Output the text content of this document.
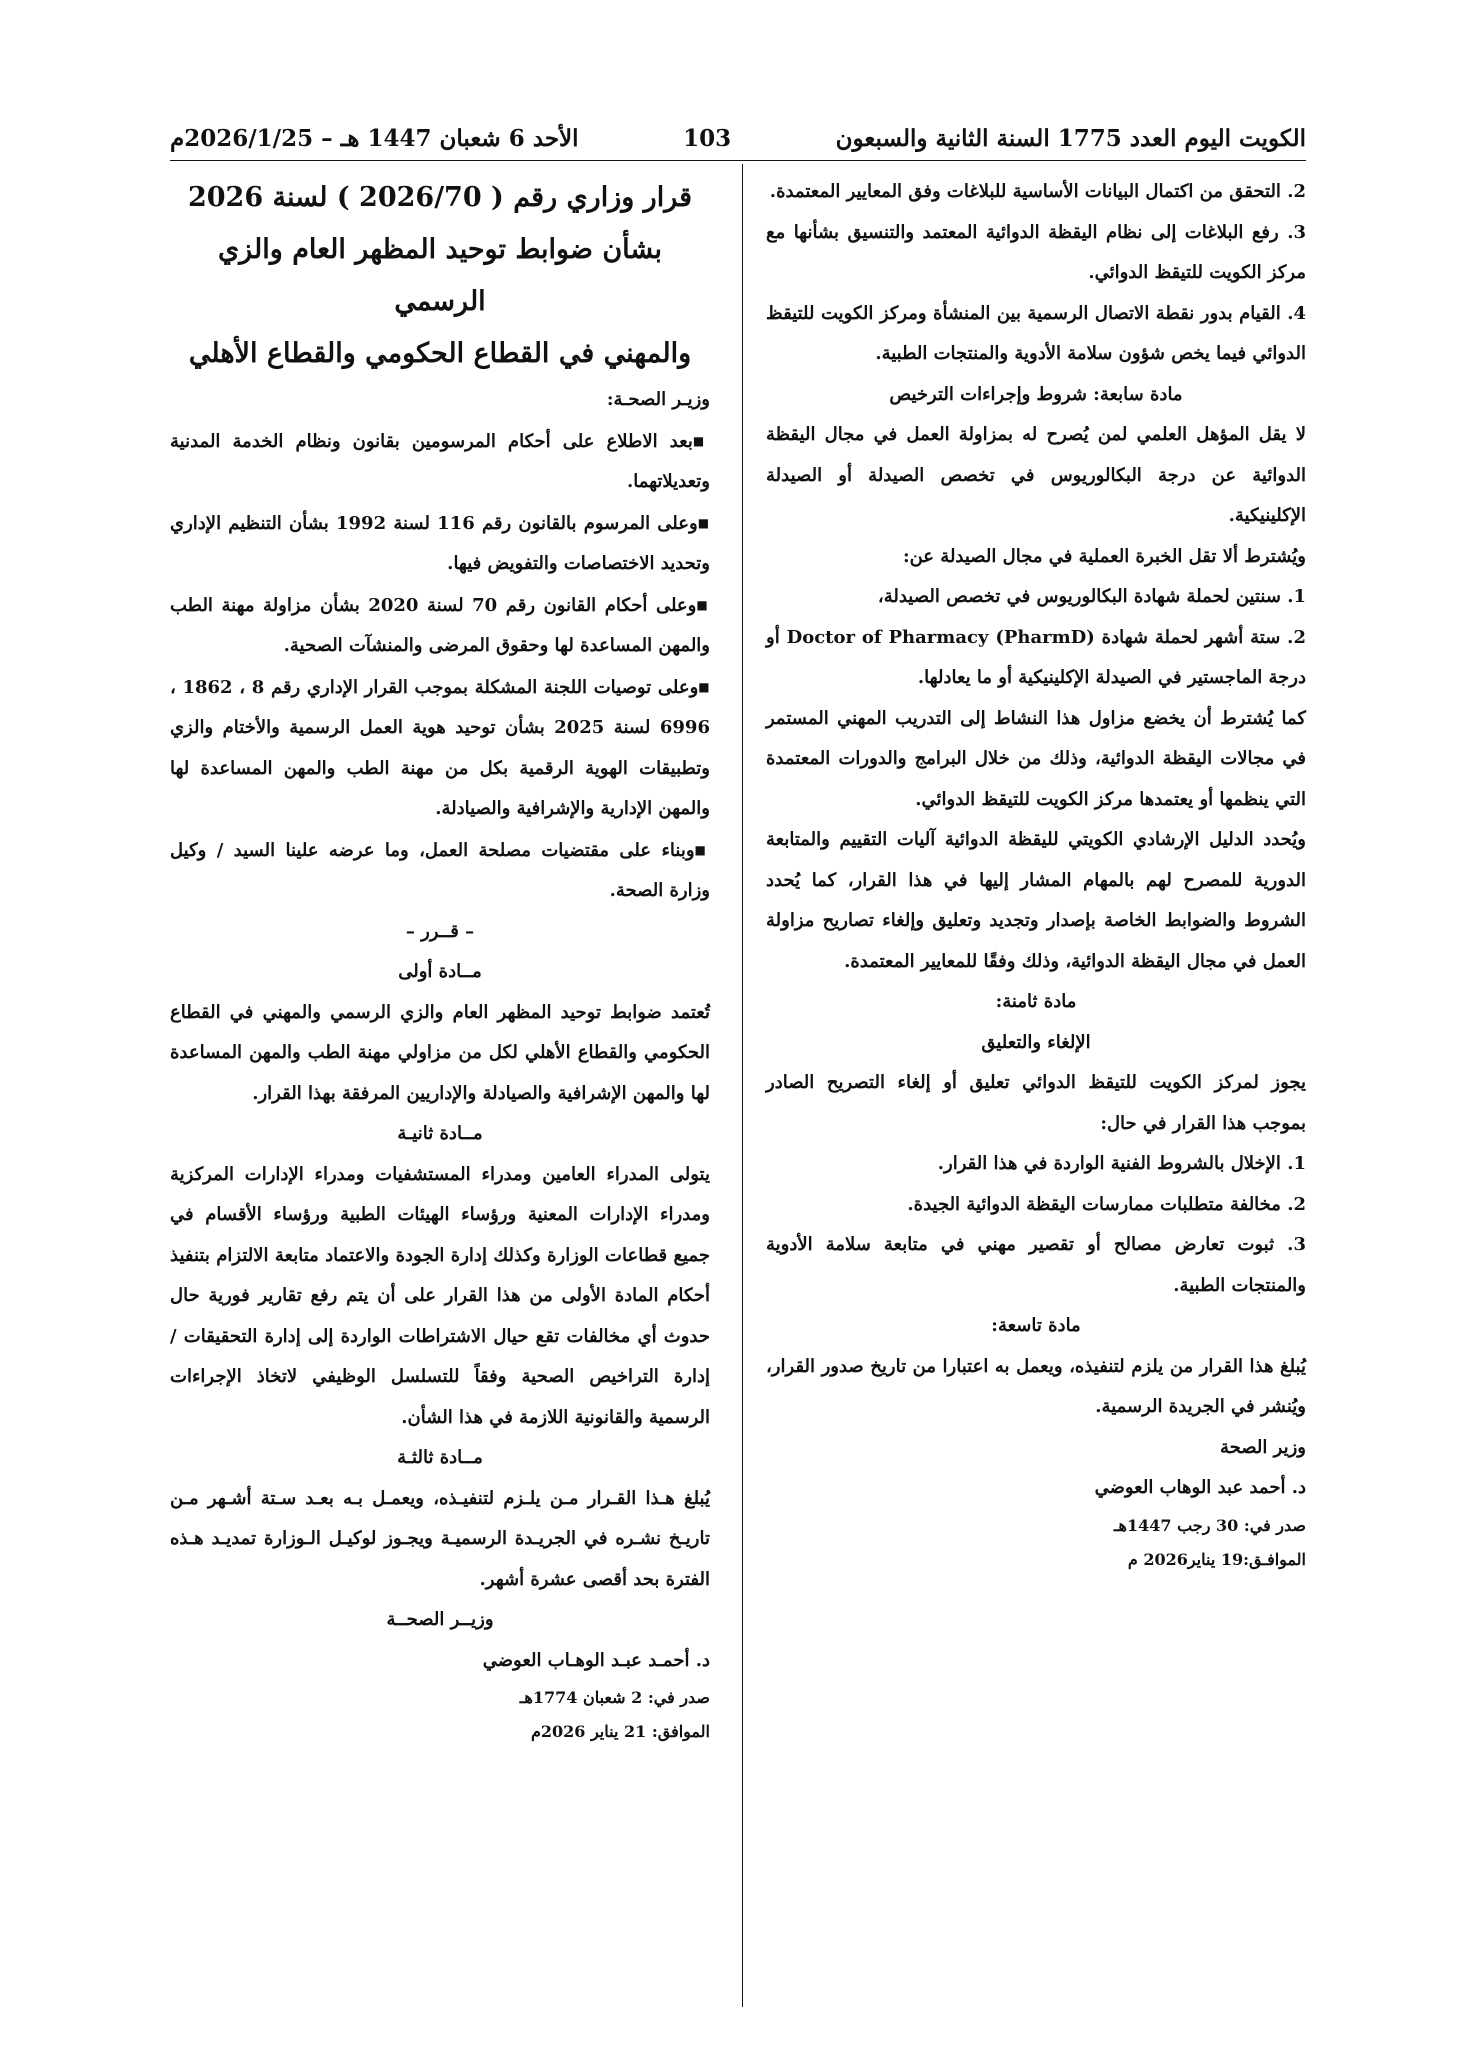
الكويت اليوم العدد 1775 السنة الثانية والسبعون
103
الأحد 6 شعبان 1447 هـ – 2026/1/25م

2. التحقق من اكتمال البيانات الأساسية للبلاغات وفق المعايير المعتمدة.

3. رفع البلاغات إلى نظام اليقظة الدوائية المعتمد والتنسيق بشأنها مع مركز الكويت للتيقظ الدوائي.

4. القيام بدور نقطة الاتصال الرسمية بين المنشأة ومركز الكويت للتيقظ الدوائي فيما يخص شؤون سلامة الأدوية والمنتجات الطبية.

مادة سابعة: شروط وإجراءات الترخيص

لا يقل المؤهل العلمي لمن يُصرح له بمزاولة العمل في مجال اليقظة الدوائية عن درجة البكالوريوس في تخصص الصيدلة أو الصيدلة الإكلينيكية.

ويُشترط ألا تقل الخبرة العملية في مجال الصيدلة عن:

1. سنتين لحملة شهادة البكالوريوس في تخصص الصيدلة،

2. ستة أشهر لحملة شهادة Doctor of Pharmacy (PharmD) أو درجة الماجستير في الصيدلة الإكلينيكية أو ما يعادلها.

كما يُشترط أن يخضع مزاول هذا النشاط إلى التدريب المهني المستمر في مجالات اليقظة الدوائية، وذلك من خلال البرامج والدورات المعتمدة التي ينظمها أو يعتمدها مركز الكويت للتيقظ الدوائي.

ويُحدد الدليل الإرشادي الكويتي لليقظة الدوائية آليات التقييم والمتابعة الدورية للمصرح لهم بالمهام المشار إليها في هذا القرار، كما يُحدد الشروط والضوابط الخاصة بإصدار وتجديد وتعليق وإلغاء تصاريح مزاولة العمل في مجال اليقظة الدوائية، وذلك وفقًا للمعايير المعتمدة.

مادة ثامنة:

الإلغاء والتعليق

يجوز لمركز الكويت للتيقظ الدوائي تعليق أو إلغاء التصريح الصادر بموجب هذا القرار في حال:

1. الإخلال بالشروط الفنية الواردة في هذا القرار.

2. مخالفة متطلبات ممارسات اليقظة الدوائية الجيدة.

3. ثبوت تعارض مصالح أو تقصير مهني في متابعة سلامة الأدوية والمنتجات الطبية.

مادة تاسعة:

يُبلغ هذا القرار من يلزم لتنفيذه، ويعمل به اعتبارا من تاريخ صدور القرار، ويُنشر في الجريدة الرسمية.

وزير الصحة

د. أحمد عبد الوهاب العوضي

صدر في: 30 رجب 1447هـ

الموافـق:19 يناير2026 م

قرار وزاري رقم ( 2026/70 ) لسنة 2026

بشأن ضوابط توحيد المظهر العام والزي الرسمي

والمهني في القطاع الحكومي والقطاع الأهلي

وزيـر الصحـة:

■ بعد الاطلاع على أحكام المرسومين بقانون ونظام الخدمة المدنية وتعديلاتهما.

■ وعلى المرسوم بالقانون رقم 116 لسنة 1992 بشأن التنظيم الإداري وتحديد الاختصاصات والتفويض فيها.

■ وعلى أحكام القانون رقم 70 لسنة 2020 بشأن مزاولة مهنة الطب والمهن المساعدة لها وحقوق المرضى والمنشآت الصحية.

■ وعلى توصيات اللجنة المشكلة بموجب القرار الإداري رقم 8 ، 1862 ، 6996 لسنة 2025 بشأن توحيد هوية العمل الرسمية والأختام والزي وتطبيقات الهوية الرقمية بكل من مهنة الطب والمهن المساعدة لها والمهن الإدارية والإشرافية والصيادلة.

■ وبناء على مقتضيات مصلحة العمل، وما عرضه علينا السيد / وكيل وزارة الصحة.

– قــرر –

مــادة أولى

تُعتمد ضوابط توحيد المظهر العام والزي الرسمي والمهني في القطاع الحكومي والقطاع الأهلي لكل من مزاولي مهنة الطب والمهن المساعدة لها والمهن الإشرافية والصيادلة والإداريين المرفقة بهذا القرار.

مــادة ثانيـة

يتولى المدراء العامين ومدراء المستشفيات ومدراء الإدارات المركزية ومدراء الإدارات المعنية ورؤساء الهيئات الطبية ورؤساء الأقسام في جميع قطاعات الوزارة وكذلك إدارة الجودة والاعتماد متابعة الالتزام بتنفيذ أحكام المادة الأولى من هذا القرار على أن يتم رفع تقارير فورية حال حدوث أي مخالفات تقع حيال الاشتراطات الواردة إلى إدارة التحقيقات / إدارة التراخيص الصحية وفقاً للتسلسل الوظيفي لاتخاذ الإجراءات الرسمية والقانونية اللازمة في هذا الشأن.

مــادة ثالثـة

يُبلغ هـذا القـرار مـن يلـزم لتنفيـذه، ويعمـل بـه بعـد سـتة أشـهر مـن تاريـخ نشـره في الجريـدة الرسميـة ويجـوز لوكيـل الـوزارة تمديـد هـذه الفترة بحد أقصى عشرة أشهر.

وزيــر الصحــة

د. أحمـد عبـد الوهـاب العوضي

صدر في: 2 شعبان 1774هـ

الموافق: 21 يناير 2026م
